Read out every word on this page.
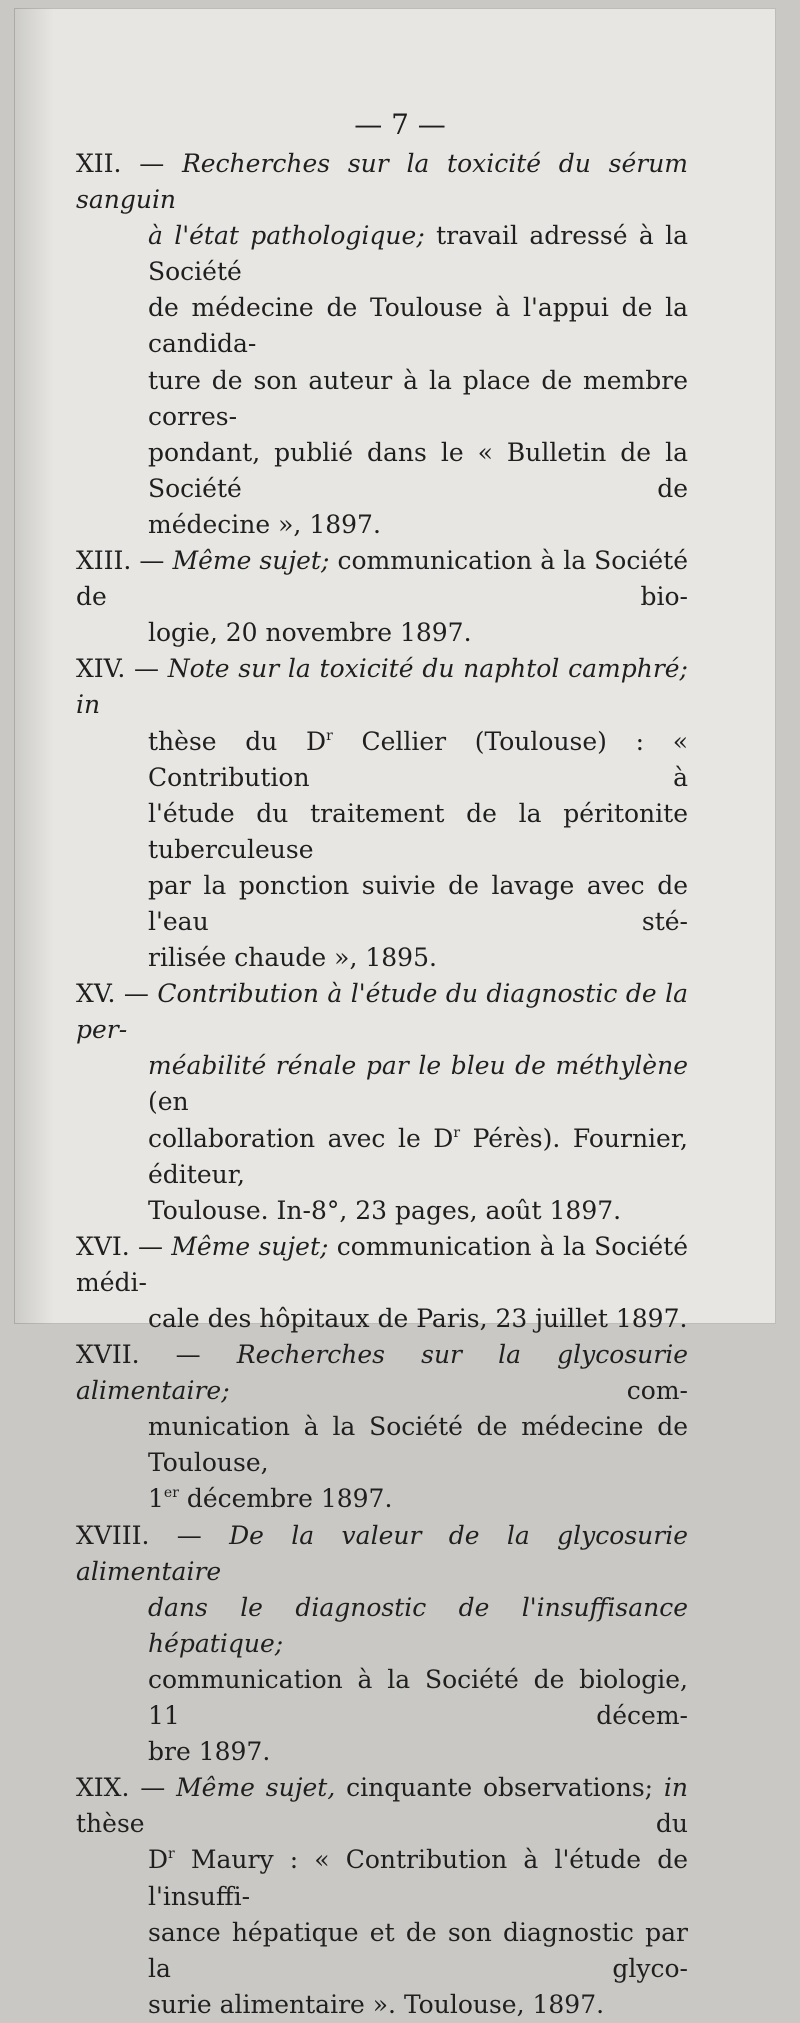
— 7 —

XII. — Recherches sur la toxicité du sérum sanguin
à l'état pathologique; travail adressé à la Société
de médecine de Toulouse à l'appui de la candida-
ture de son auteur à la place de membre corres-
pondant, publié dans le « Bulletin de la Société de
médecine », 1897.

XIII. — Même sujet; communication à la Société de bio-
logie, 20 novembre 1897.

XIV. — Note sur la toxicité du naphtol camphré; in
thèse du $D^r$ Cellier (Toulouse) : « Contribution à
l'étude du traitement de la péritonite tuberculeuse
par la ponction suivie de lavage avec de l'eau sté-
rilisée chaude », 1895.

XV. — Contribution à l'étude du diagnostic de la per-
méabilité rénale par le bleu de méthylène (en
collaboration avec le $D^r$ Pérès). Fournier, éditeur,
Toulouse. In-8°, 23 pages, août 1897.

XVI. — Même sujet; communication à la Société médi-
cale des hôpitaux de Paris, 23 juillet 1897.

XVII. — Recherches sur la glycosurie alimentaire; com-
munication à la Société de médecine de Toulouse,
1er décembre 1897.

XVIII. — De la valeur de la glycosurie alimentaire
dans le diagnostic de l'insuffisance hépatique;
communication à la Société de biologie, 11 décem-
bre 1897.

XIX. — Même sujet, cinquante observations; in thèse du
$D^r$ Maury : « Contribution à l'étude de l'insuffi-
sance hépatique et de son diagnostic par la glyco-
surie alimentaire ». Toulouse, 1897.
